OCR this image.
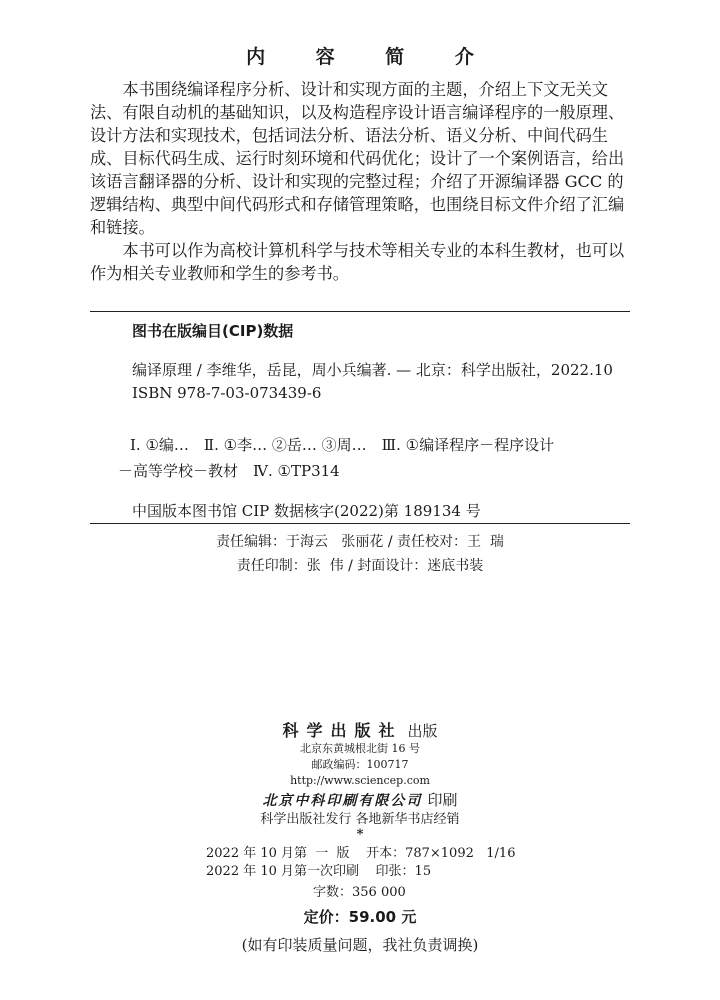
内 容 简 介

本书围绕编译程序分析、设计和实现方面的主题，介绍上下文无关文法、有限自动机的基础知识，以及构造程序设计语言编译程序的一般原理、设计方法和实现技术，包括词法分析、语法分析、语义分析、中间代码生成、目标代码生成、运行时刻环境和代码优化；设计了一个案例语言，给出该语言翻译器的分析、设计和实现的完整过程；介绍了开源编译器 GCC 的逻辑结构、典型中间代码形式和存储管理策略，也围绕目标文件介绍了汇编和链接。

本书可以作为高校计算机科学与技术等相关专业的本科生教材，也可以作为相关专业教师和学生的参考书。

图书在版编目(CIP)数据
编译原理 / 李维华，岳昆，周小兵编著. — 北京：科学出版社，2022.10
ISBN 978-7-03-073439-6

Ⅰ. ①编…　Ⅱ. ①李… ②岳… ③周…　Ⅲ. ①编译程序－程序设计

－高等学校－教材　Ⅳ. ①TP314

中国版本图书馆 CIP 数据核字(2022)第 189134 号
责任编辑：于海云   张丽花 / 责任校对：王  瑞
责任印制：张  伟 / 封面设计：迷底书装
科学出版社 出版
北京东黄城根北街 16 号
邮政编码：100717
http://www.sciencep.com
北京中科印刷有限公司 印刷
科学出版社发行 各地新华书店经销
*
2022 年 10 月第  一  版    开本：787×1092   1/16
2022 年 10 月第一次印刷    印张：15
字数：356 000
定价：59.00 元
(如有印装质量问题，我社负责调换)
